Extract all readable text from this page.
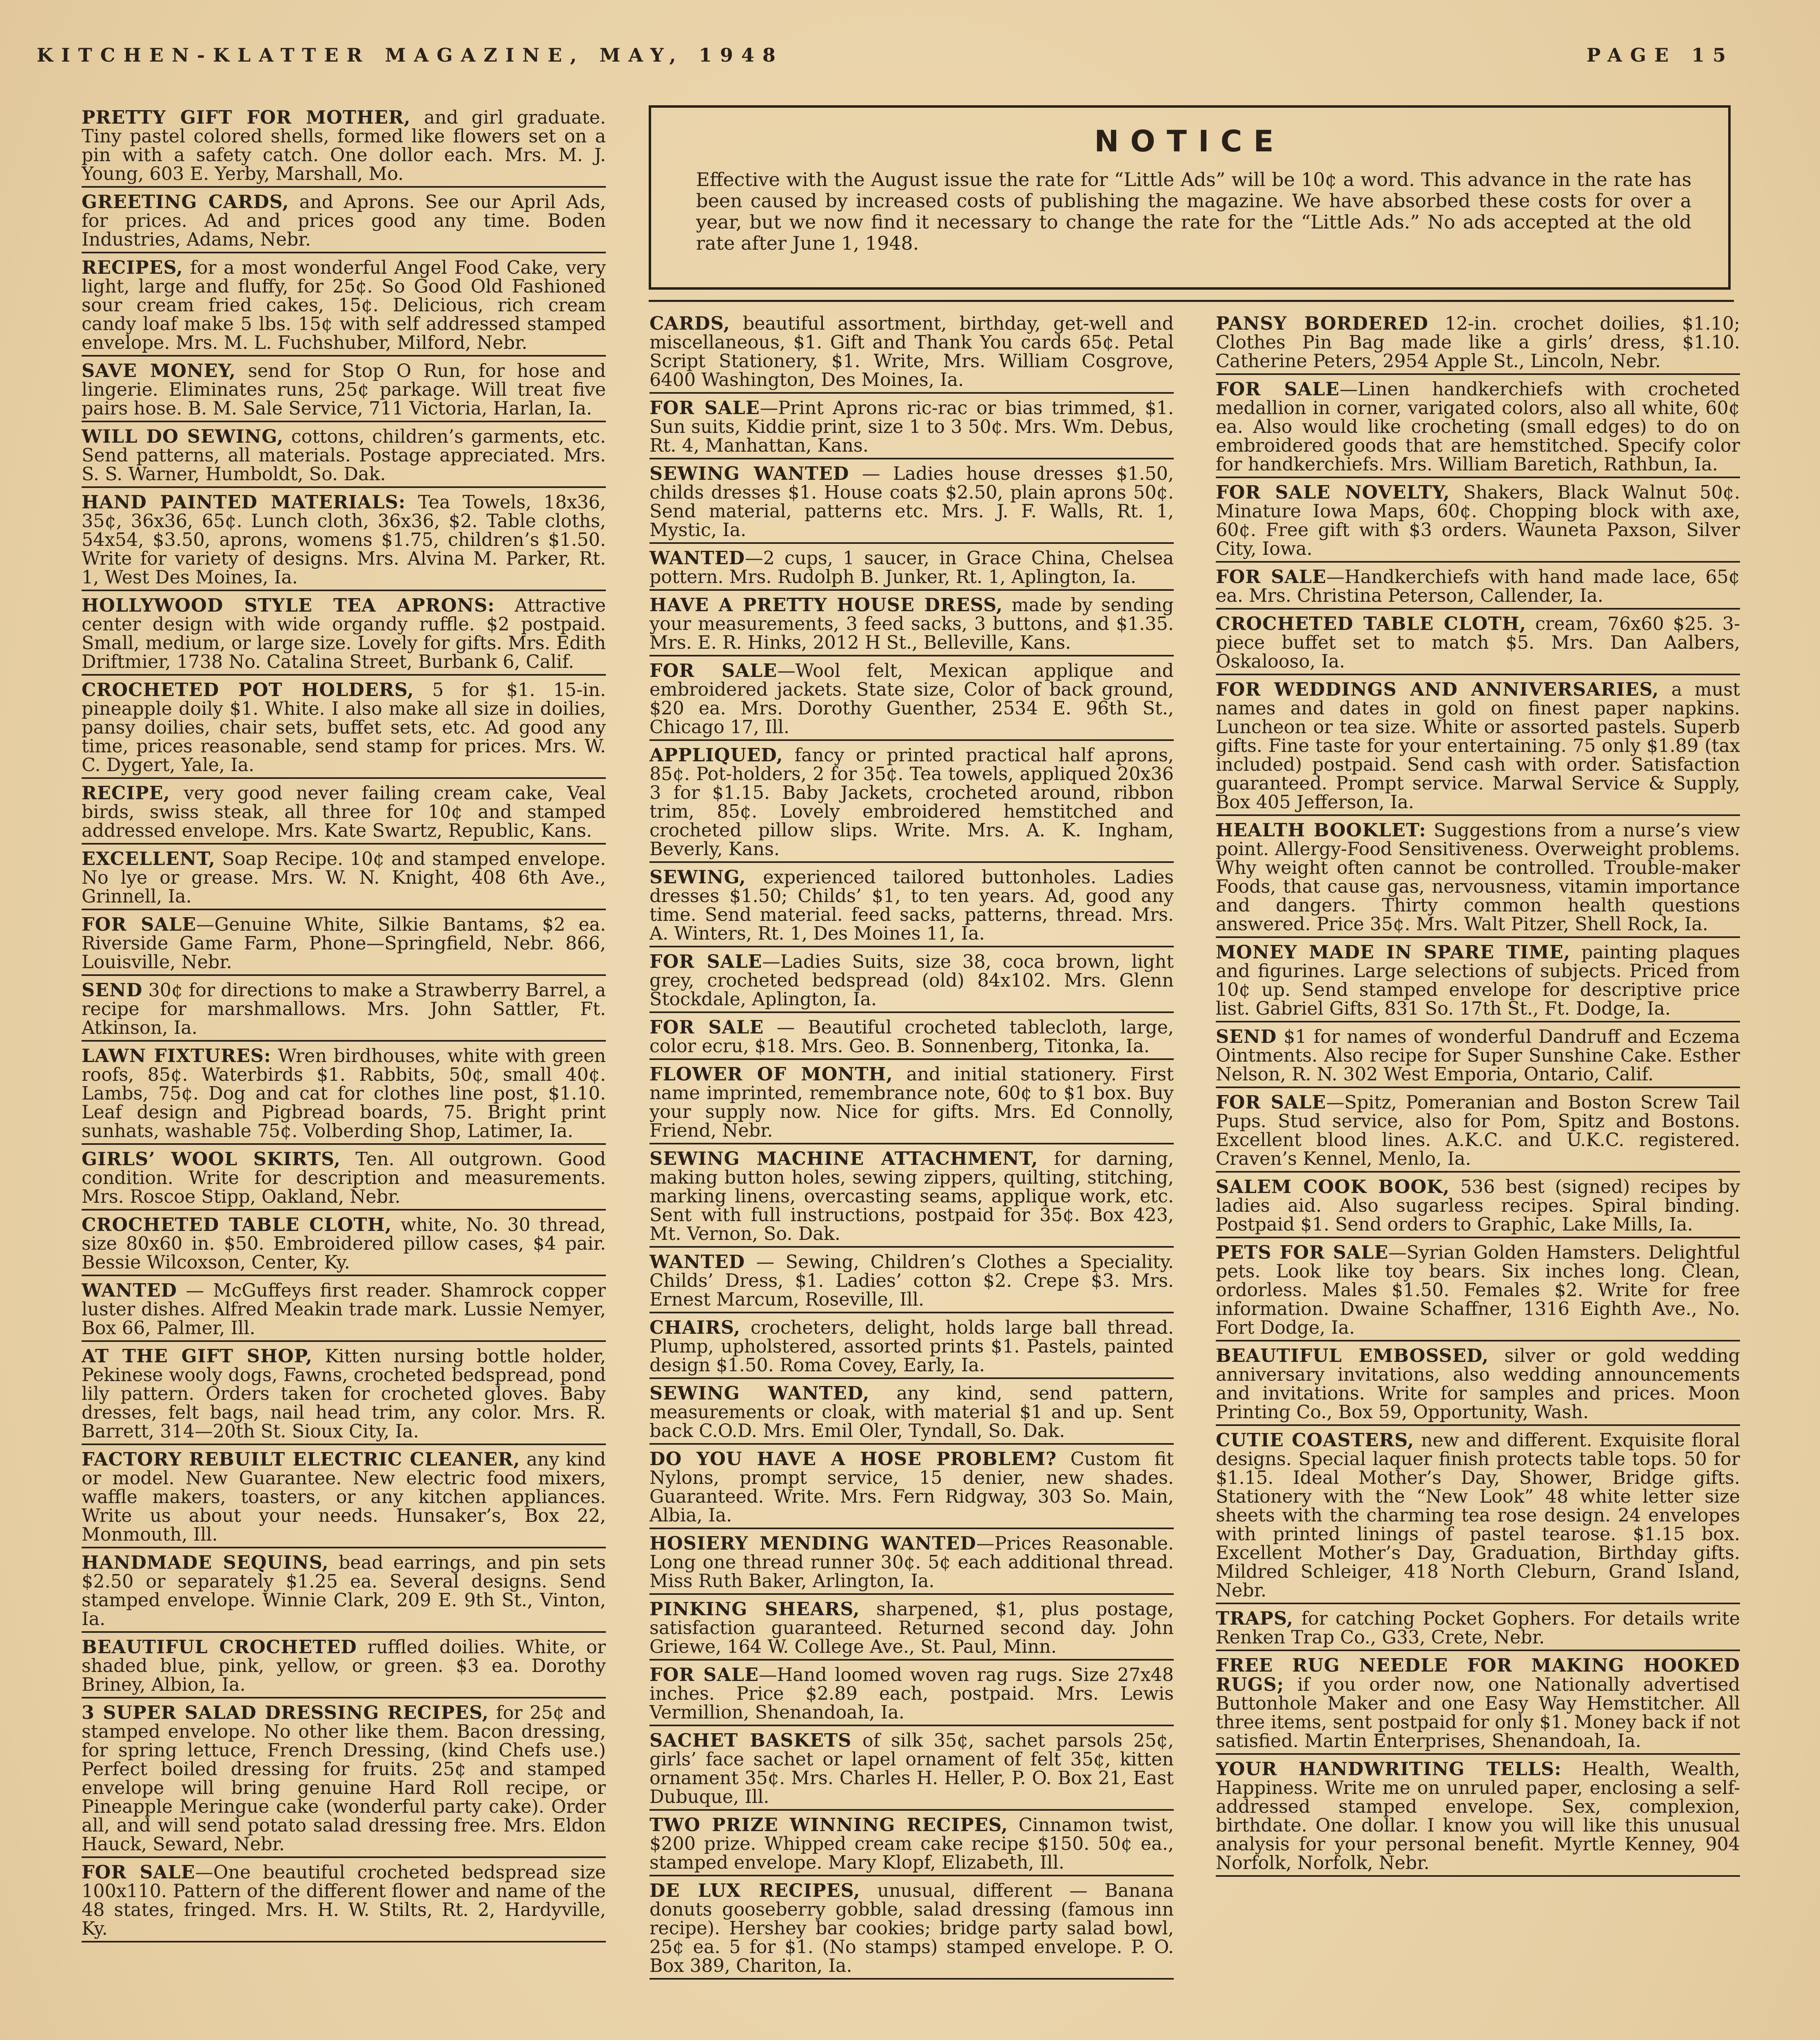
KITCHEN-KLATTER MAGAZINE, MAY, 1948	PAGE 15
PRETTY GIFT FOR MOTHER, and girl graduate. Tiny pastel colored shells, formed like flowers set on a pin with a safety catch. One dollor each. Mrs. M. J. Young, 603 E. Yerby, Marshall, Mo.
GREETING CARDS, and Aprons. See our April Ads, for prices. Ad and prices good any time. Boden Industries, Adams, Nebr.
RECIPES, for a most wonderful Angel Food Cake, very light, large and fluffy, for 25¢. So Good Old Fashioned sour cream fried cakes, 15¢. Delicious, rich cream candy loaf make 5 lbs. 15¢ with self addressed stamped envelope. Mrs. M. L. Fuchshuber, Milford, Nebr.
SAVE MONEY, send for Stop O Run, for hose and lingerie. Eliminates runs, 25¢ parkage. Will treat five pairs hose. B. M. Sale Service, 711 Victoria, Harlan, Ia.
WILL DO SEWING, cottons, children’s garments, etc. Send patterns, all materials. Postage appreciated. Mrs. S. S. Warner, Humboldt, So. Dak.
HAND PAINTED MATERIALS: Tea Towels, 18x36, 35¢, 36x36, 65¢. Lunch cloth, 36x36, $2. Table cloths, 54x54, $3.50, aprons, womens $1.75, children’s $1.50. Write for variety of designs. Mrs. Alvina M. Parker, Rt. 1, West Des Moines, Ia.
HOLLYWOOD STYLE TEA APRONS: Attractive center design with wide organdy ruffle. $2 postpaid. Small, medium, or large size. Lovely for gifts. Mrs. Edith Driftmier, 1738 No. Catalina Street, Burbank 6, Calif.
CROCHETED POT HOLDERS, 5 for $1. 15-in. pineapple doily $1. White. I also make all size in doilies, pansy doilies, chair sets, buffet sets, etc. Ad good any time, prices reasonable, send stamp for prices. Mrs. W. C. Dygert, Yale, Ia.
RECIPE, very good never failing cream cake, Veal birds, swiss steak, all three for 10¢ and stamped addressed envelope. Mrs. Kate Swartz, Republic, Kans.
EXCELLENT, Soap Recipe. 10¢ and stamped envelope. No lye or grease. Mrs. W. N. Knight, 408 6th Ave., Grinnell, Ia.
FOR SALE—Genuine White, Silkie Bantams, $2 ea. Riverside Game Farm, Phone—Springfield, Nebr. 866, Louisville, Nebr.
SEND 30¢ for directions to make a Strawberry Barrel, a recipe for marshmallows. Mrs. John Sattler, Ft. Atkinson, Ia.
LAWN FIXTURES: Wren birdhouses, white with green roofs, 85¢. Waterbirds $1. Rabbits, 50¢, small 40¢. Lambs, 75¢. Dog and cat for clothes line post, $1.10. Leaf design and Pigbread boards, 75. Bright print sunhats, washable 75¢. Volberding Shop, Latimer, Ia.
GIRLS’ WOOL SKIRTS, Ten. All outgrown. Good condition. Write for description and measurements. Mrs. Roscoe Stipp, Oakland, Nebr.
CROCHETED TABLE CLOTH, white, No. 30 thread, size 80x60 in. $50. Embroidered pillow cases, $4 pair. Bessie Wilcoxson, Center, Ky.
WANTED — McGuffeys first reader. Shamrock copper luster dishes. Alfred Meakin trade mark. Lussie Nemyer, Box 66, Palmer, Ill.
AT THE GIFT SHOP, Kitten nursing bottle holder, Pekinese wooly dogs, Fawns, crocheted bedspread, pond lily pattern. Orders taken for crocheted gloves. Baby dresses, felt bags, nail head trim, any color. Mrs. R. Barrett, 314—20th St. Sioux City, Ia.
FACTORY REBUILT ELECTRIC CLEANER, any kind or model. New Guarantee. New electric food mixers, waffle makers, toasters, or any kitchen appliances. Write us about your needs. Hunsaker’s, Box 22, Monmouth, Ill.
HANDMADE SEQUINS, bead earrings, and pin sets $2.50 or separately $1.25 ea. Several designs. Send stamped envelope. Winnie Clark, 209 E. 9th St., Vinton, Ia.
BEAUTIFUL CROCHETED ruffled doilies. White, or shaded blue, pink, yellow, or green. $3 ea. Dorothy Briney, Albion, Ia.
3 SUPER SALAD DRESSING RECIPES, for 25¢ and stamped envelope. No other like them. Bacon dressing, for spring lettuce, French Dressing, (kind Chefs use.) Perfect boiled dressing for fruits. 25¢ and stamped envelope will bring genuine Hard Roll recipe, or Pineapple Meringue cake (wonderful party cake). Order all, and will send potato salad dressing free. Mrs. Eldon Hauck, Seward, Nebr.
FOR SALE—One beautiful crocheted bedspread size 100x110. Pattern of the different flower and name of the 48 states, fringed. Mrs. H. W. Stilts, Rt. 2, Hardyville, Ky.
NOTICE
Effective with the August issue the rate for “Little Ads” will be 10¢ a word. This advance in the rate has been caused by increased costs of publishing the magazine. We have absorbed these costs for over a year, but we now find it necessary to change the rate for the “Little Ads.” No ads accepted at the old rate after June 1, 1948.
CARDS, beautiful assortment, birthday, get-well and miscellaneous, $1. Gift and Thank You cards 65¢. Petal Script Stationery, $1. Write, Mrs. William Cosgrove, 6400 Washington, Des Moines, Ia.
FOR SALE—Print Aprons ric-rac or bias trimmed, $1. Sun suits, Kiddie print, size 1 to 3 50¢. Mrs. Wm. Debus, Rt. 4, Manhattan, Kans.
SEWING WANTED — Ladies house dresses $1.50, childs dresses $1. House coats $2.50, plain aprons 50¢. Send material, patterns etc. Mrs. J. F. Walls, Rt. 1, Mystic, Ia.
WANTED—2 cups, 1 saucer, in Grace China, Chelsea pottern. Mrs. Rudolph B. Junker, Rt. 1, Aplington, Ia.
HAVE A PRETTY HOUSE DRESS, made by sending your measurements, 3 feed sacks, 3 buttons, and $1.35. Mrs. E. R. Hinks, 2012 H St., Belleville, Kans.
FOR SALE—Wool felt, Mexican applique and embroidered jackets. State size, Color of back ground, $20 ea. Mrs. Dorothy Guenther, 2534 E. 96th St., Chicago 17, Ill.
APPLIQUED, fancy or printed practical half aprons, 85¢. Pot-holders, 2 for 35¢. Tea towels, appliqued 20x36 3 for $1.15. Baby Jackets, crocheted around, ribbon trim, 85¢. Lovely embroidered hemstitched and crocheted pillow slips. Write. Mrs. A. K. Ingham, Beverly, Kans.
SEWING, experienced tailored buttonholes. Ladies dresses $1.50; Childs’ $1, to ten years. Ad, good any time. Send material. feed sacks, patterns, thread. Mrs. A. Winters, Rt. 1, Des Moines 11, Ia.
FOR SALE—Ladies Suits, size 38, coca brown, light grey, crocheted bedspread (old) 84x102. Mrs. Glenn Stockdale, Aplington, Ia.
FOR SALE — Beautiful crocheted tablecloth, large, color ecru, $18. Mrs. Geo. B. Sonnenberg, Titonka, Ia.
FLOWER OF MONTH, and initial stationery. First name imprinted, remembrance note, 60¢ to $1 box. Buy your supply now. Nice for gifts. Mrs. Ed Connolly, Friend, Nebr.
SEWING MACHINE ATTACHMENT, for darning, making button holes, sewing zippers, quilting, stitching, marking linens, overcasting seams, applique work, etc. Sent with full instructions, postpaid for 35¢. Box 423, Mt. Vernon, So. Dak.
WANTED — Sewing, Children’s Clothes a Speciality. Childs’ Dress, $1. Ladies’ cotton $2. Crepe $3. Mrs. Ernest Marcum, Roseville, Ill.
CHAIRS, crocheters, delight, holds large ball thread. Plump, upholstered, assorted prints $1. Pastels, painted design $1.50. Roma Covey, Early, Ia.
SEWING WANTED, any kind, send pattern, measurements or cloak, with material $1 and up. Sent back C.O.D. Mrs. Emil Oler, Tyndall, So. Dak.
DO YOU HAVE A HOSE PROBLEM? Custom fit Nylons, prompt service, 15 denier, new shades. Guaranteed. Write. Mrs. Fern Ridgway, 303 So. Main, Albia, Ia.
HOSIERY MENDING WANTED—Prices Reasonable. Long one thread runner 30¢. 5¢ each additional thread. Miss Ruth Baker, Arlington, Ia.
PINKING SHEARS, sharpened, $1, plus postage, satisfaction guaranteed. Returned second day. John Griewe, 164 W. College Ave., St. Paul, Minn.
FOR SALE—Hand loomed woven rag rugs. Size 27x48 inches. Price $2.89 each, postpaid. Mrs. Lewis Vermillion, Shenandoah, Ia.
SACHET BASKETS of silk 35¢, sachet parsols 25¢, girls’ face sachet or lapel ornament of felt 35¢, kitten ornament 35¢. Mrs. Charles H. Heller, P. O. Box 21, East Dubuque, Ill.
TWO PRIZE WINNING RECIPES, Cinnamon twist, $200 prize. Whipped cream cake recipe $150. 50¢ ea., stamped envelope. Mary Klopf, Elizabeth, Ill.
DE LUX RECIPES, unusual, different — Banana donuts gooseberry gobble, salad dressing (famous inn recipe). Hershey bar cookies; bridge party salad bowl, 25¢ ea. 5 for $1. (No stamps) stamped envelope. P. O. Box 389, Chariton, Ia.
PANSY BORDERED 12-in. crochet doilies, $1.10; Clothes Pin Bag made like a girls’ dress, $1.10. Catherine Peters, 2954 Apple St., Lincoln, Nebr.
FOR SALE—Linen handkerchiefs with crocheted medallion in corner, varigated colors, also all white, 60¢ ea. Also would like crocheting (small edges) to do on embroidered goods that are hemstitched. Specify color for handkerchiefs. Mrs. William Baretich, Rathbun, Ia.
FOR SALE NOVELTY, Shakers, Black Walnut 50¢. Minature Iowa Maps, 60¢. Chopping block with axe, 60¢. Free gift with $3 orders. Wauneta Paxson, Silver City, Iowa.
FOR SALE—Handkerchiefs with hand made lace, 65¢ ea. Mrs. Christina Peterson, Callender, Ia.
CROCHETED TABLE CLOTH, cream, 76x60 $25. 3-piece buffet set to match $5. Mrs. Dan Aalbers, Oskalooso, Ia.
FOR WEDDINGS AND ANNIVERSARIES, a must names and dates in gold on finest paper napkins. Luncheon or tea size. White or assorted pastels. Superb gifts. Fine taste for your entertaining. 75 only $1.89 (tax included) postpaid. Send cash with order. Satisfaction guaranteed. Prompt service. Marwal Service & Supply, Box 405 Jefferson, Ia.
HEALTH BOOKLET: Suggestions from a nurse’s view point. Allergy-Food Sensitiveness. Overweight problems. Why weight often cannot be controlled. Trouble-maker Foods, that cause gas, nervousness, vitamin importance and dangers. Thirty common health questions answered. Price 35¢. Mrs. Walt Pitzer, Shell Rock, Ia.
MONEY MADE IN SPARE TIME, painting plaques and figurines. Large selections of subjects. Priced from 10¢ up. Send stamped envelope for descriptive price list. Gabriel Gifts, 831 So. 17th St., Ft. Dodge, Ia.
SEND $1 for names of wonderful Dandruff and Eczema Ointments. Also recipe for Super Sunshine Cake. Esther Nelson, R. N. 302 West Emporia, Ontario, Calif.
FOR SALE—Spitz, Pomeranian and Boston Screw Tail Pups. Stud service, also for Pom, Spitz and Bostons. Excellent blood lines. A.K.C. and U.K.C. registered. Craven’s Kennel, Menlo, Ia.
SALEM COOK BOOK, 536 best (signed) recipes by ladies aid. Also sugarless recipes. Spiral binding. Postpaid $1. Send orders to Graphic, Lake Mills, Ia.
PETS FOR SALE—Syrian Golden Hamsters. Delightful pets. Look like toy bears. Six inches long. Clean, ordorless. Males $1.50. Females $2. Write for free information. Dwaine Schaffner, 1316 Eighth Ave., No. Fort Dodge, Ia.
BEAUTIFUL EMBOSSED, silver or gold wedding anniversary invitations, also wedding announcements and invitations. Write for samples and prices. Moon Printing Co., Box 59, Opportunity, Wash.
CUTIE COASTERS, new and different. Exquisite floral designs. Special laquer finish protects table tops. 50 for $1.15. Ideal Mother’s Day, Shower, Bridge gifts. Stationery with the “New Look” 48 white letter size sheets with the charming tea rose design. 24 envelopes with printed linings of pastel tearose. $1.15 box. Excellent Mother’s Day, Graduation, Birthday gifts. Mildred Schleiger, 418 North Cleburn, Grand Island, Nebr.
TRAPS, for catching Pocket Gophers. For details write Renken Trap Co., G33, Crete, Nebr.
FREE RUG NEEDLE FOR MAKING HOOKED RUGS; if you order now, one Nationally advertised Buttonhole Maker and one Easy Way Hemstitcher. All three items, sent postpaid for only $1. Money back if not satisfied. Martin Enterprises, Shenandoah, Ia.
YOUR HANDWRITING TELLS: Health, Wealth, Happiness. Write me on unruled paper, enclosing a self-addressed stamped envelope. Sex, complexion, birthdate. One dollar. I know you will like this unusual analysis for your personal benefit. Myrtle Kenney, 904 Norfolk, Norfolk, Nebr.
